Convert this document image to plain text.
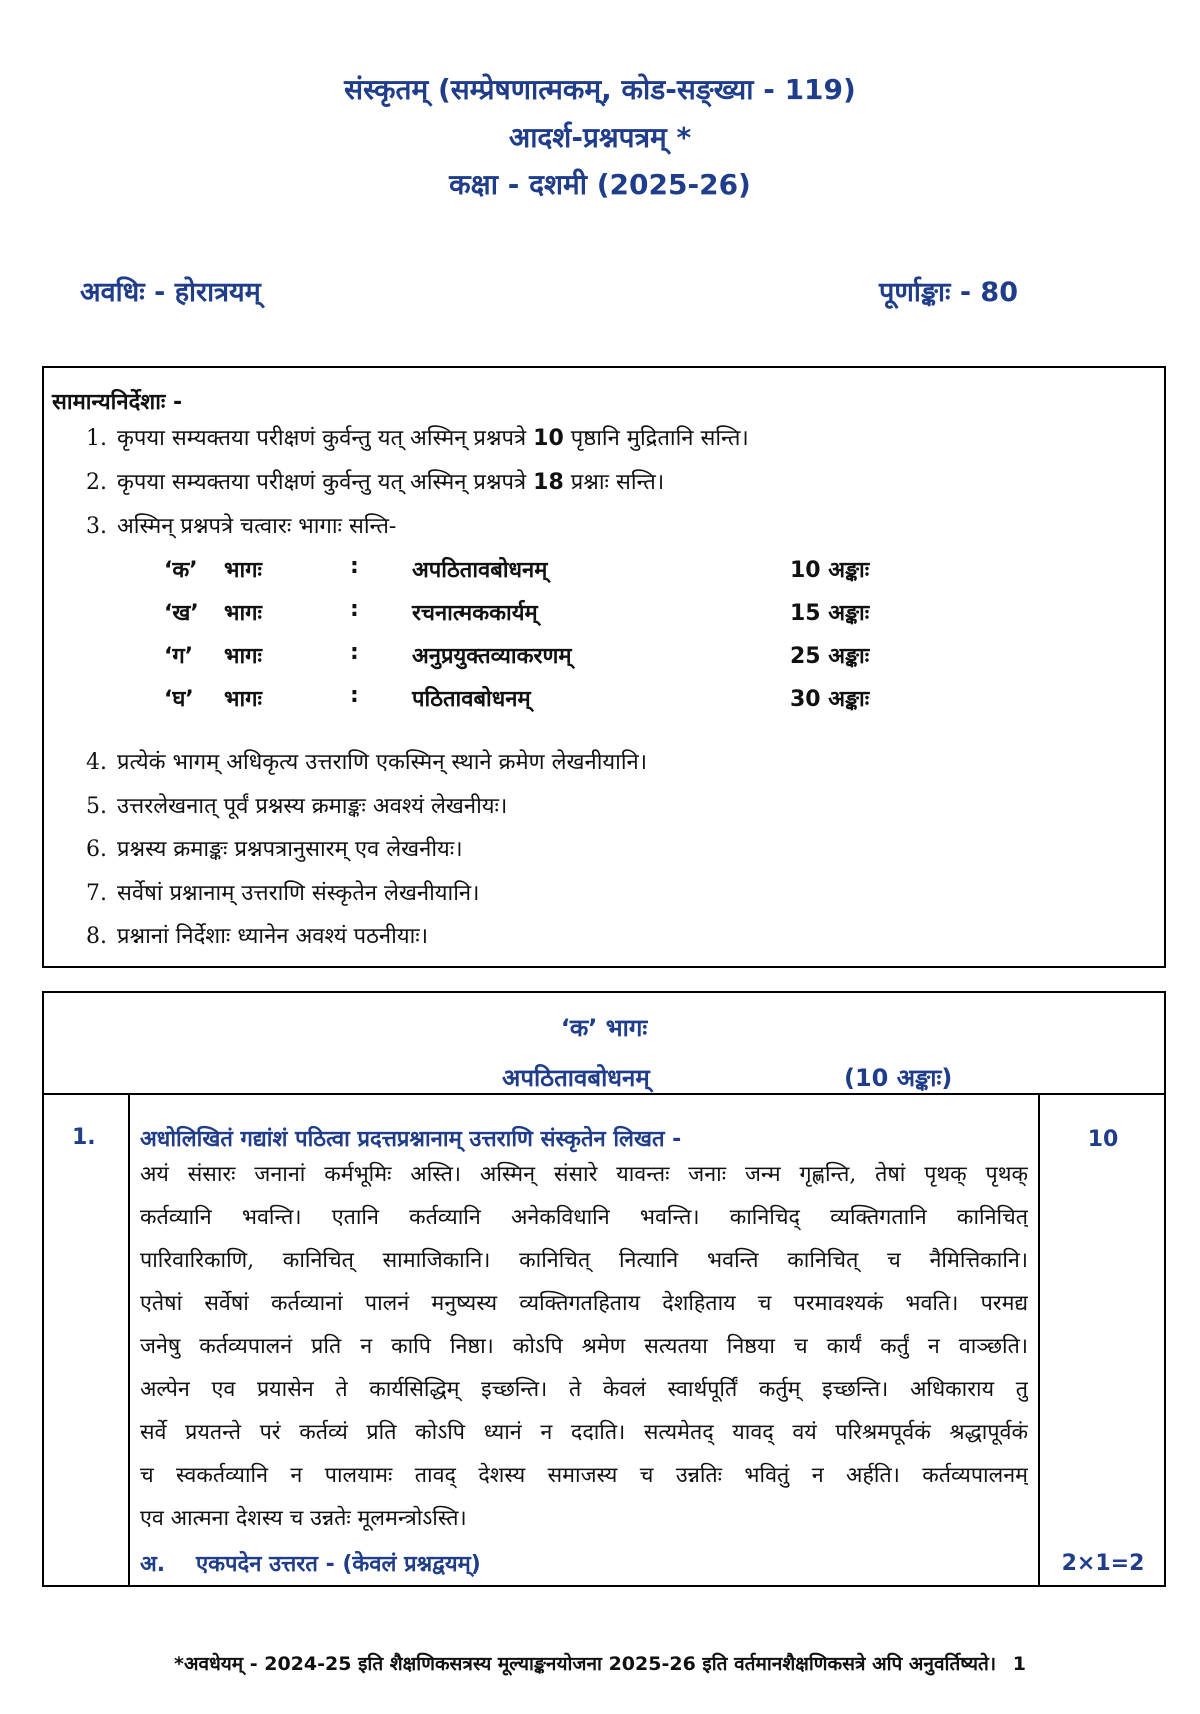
संस्कृतम् (सम्प्रेषणात्मकम्, कोड-सङ्ख्या - 119)
आदर्श-प्रश्नपत्रम् *
कक्षा - दशमी (2025-26)
अवधिः - होरात्रयम्	पूर्णाङ्काः - 80
सामान्यनिर्देशाः -
1. कृपया सम्यक्तया परीक्षणं कुर्वन्तु यत् अस्मिन् प्रश्नपत्रे 10 पृष्ठानि मुद्रितानि सन्ति।
2. कृपया सम्यक्तया परीक्षणं कुर्वन्तु यत् अस्मिन् प्रश्नपत्रे 18 प्रश्नाः सन्ति।
3. अस्मिन् प्रश्नपत्रे चत्वारः भागाः सन्ति-
4. प्रत्येकं भागम् अधिकृत्य उत्तराणि एकस्मिन् स्थाने क्रमेण लेखनीयानि।
5. उत्तरलेखनात् पूर्वं प्रश्नस्य क्रमाङ्कः अवश्यं लेखनीयः।
6. प्रश्नस्य क्रमाङ्कः प्रश्नपत्रानुसारम् एव लेखनीयः।
7. सर्वेषां प्रश्नानाम् उत्तराणि संस्कृतेन लेखनीयानि।
8. प्रश्नानां निर्देशाः ध्यानेन अवश्यं पठनीयाः।
‘क’ भागः	: अपठितावबोधनम्	10 अङ्काः
‘ख’ भागः	: रचनात्मककार्यम्	15 अङ्काः
‘ग’ भागः	: अनुप्रयुक्तव्याकरणम्	25 अङ्काः
‘घ’ भागः	: पठितावबोधनम्	30 अङ्काः
‘क’ भागः
अपठितावबोधनम्	(10 अङ्काः)
1. अधोलिखितं गद्यांशं पठित्वा प्रदत्तप्रश्नानाम् उत्तराणि संस्कृतेन लिखत -	10
अयं संसारः जनानां कर्मभूमिः अस्ति। अस्मिन् संसारे यावन्तः जनाः जन्म गृह्णन्ति, तेषां पृथक् पृथक्
कर्तव्यानि भवन्ति। एतानि कर्तव्यानि अनेकविधानि भवन्ति। कानिचिद् व्यक्तिगतानि कानिचित्
पारिवारिकाणि, कानिचित् सामाजिकानि। कानिचित् नित्यानि भवन्ति कानिचित् च नैमित्तिकानि।
एतेषां सर्वेषां कर्तव्यानां पालनं मनुष्यस्य व्यक्तिगतहिताय देशहिताय च परमावश्यकं भवति। परमद्य
जनेषु कर्तव्यपालनं प्रति न कापि निष्ठा। कोऽपि श्रमेण सत्यतया निष्ठया च कार्यं कर्तुं न वाञ्छति।
अल्पेन एव प्रयासेन ते कार्यसिद्धिम् इच्छन्ति। ते केवलं स्वार्थपूर्तिं कर्तुम् इच्छन्ति। अधिकाराय तु
सर्वे प्रयतन्ते परं कर्तव्यं प्रति कोऽपि ध्यानं न ददाति। सत्यमेतद् यावद् वयं परिश्रमपूर्वकं श्रद्धापूर्वकं
च स्वकर्तव्यानि न पालयामः तावद् देशस्य समाजस्य च उन्नतिः भवितुं न अर्हति। कर्तव्यपालनम्
एव आत्मना देशस्य च उन्नतेः मूलमन्त्रोऽस्ति।
अ. एकपदेन उत्तरत - (केवलं प्रश्नद्वयम्)	2×1=2
*अवधेयम् - 2024-25 इति शैक्षणिकसत्रस्य मूल्याङ्कनयोजना 2025-26 इति वर्तमानशैक्षणिकसत्रे अपि अनुवर्तिष्यते। 1
